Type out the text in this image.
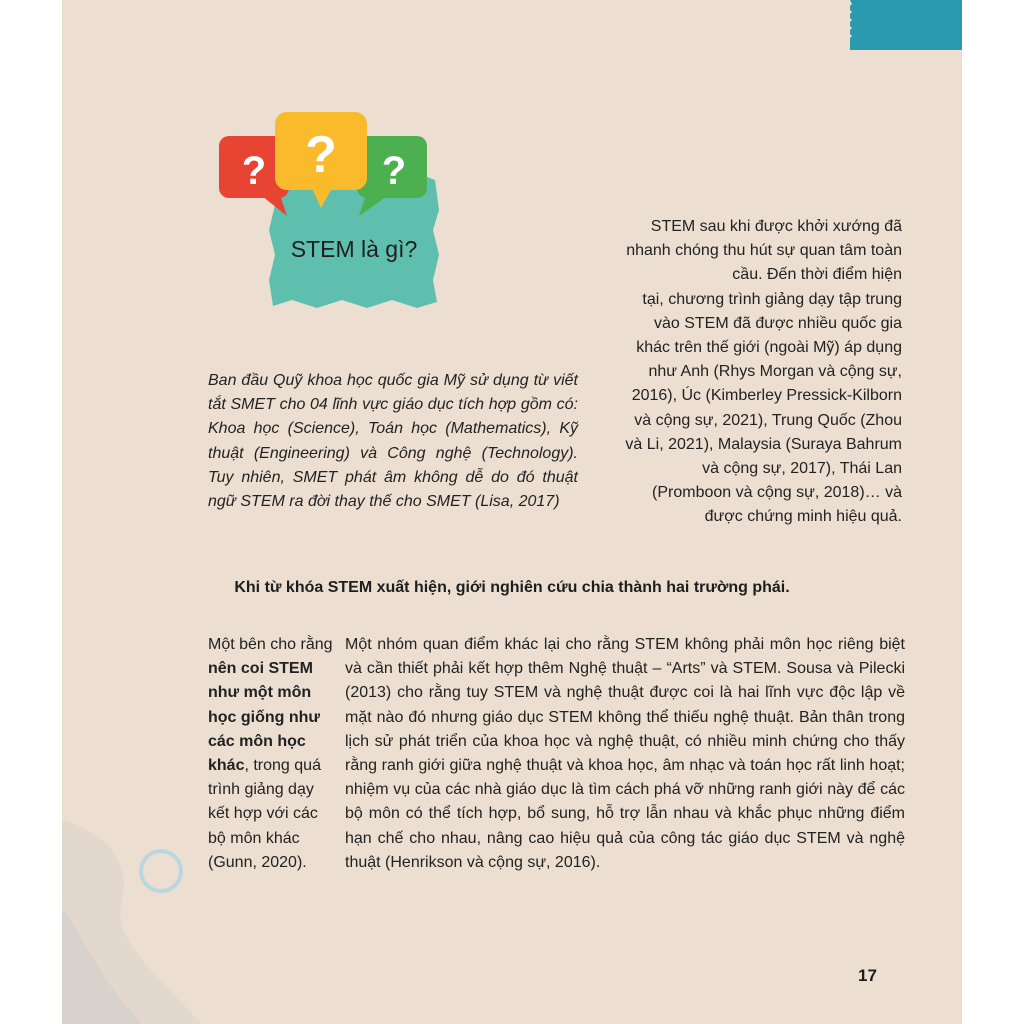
?	?
?
STEM là gì?

Ban đầu Quỹ khoa học quốc gia Mỹ sử dụng từ viết tắt SMET cho 04 lĩnh vực giáo dục tích hợp gồm có: Khoa học (Science), Toán học (Mathematics), Kỹ thuật (Engineering) và Công nghệ (Technology). Tuy nhiên, SMET phát âm không dễ do đó thuật ngữ STEM ra đời thay thế cho SMET (Lisa, 2017)

STEM sau khi được khởi xướng đã
nhanh chóng thu hút sự quan tâm toàn
cầu. Đến thời điểm hiện
tại, chương trình giảng dạy tập trung
vào STEM đã được nhiều quốc gia
khác trên thế giới (ngoài Mỹ) áp dụng
như Anh (Rhys Morgan và cộng sự,
2016), Úc (Kimberley Pressick-Kilborn
và cộng sự, 2021), Trung Quốc (Zhou
và Li, 2021), Malaysia (Suraya Bahrum
và cộng sự, 2017), Thái Lan
(Promboon và cộng sự, 2018)… và
được chứng minh hiệu quả.
Khi từ khóa STEM xuất hiện, giới nghiên cứu chia thành hai trường phái.

Một bên cho rằng nên coi STEM như một môn học giống như các môn học khác, trong quá trình giảng dạy kết hợp với các bộ môn khác (Gunn, 2020).

Một nhóm quan điểm khác lại cho rằng STEM không phải môn học riêng biệt và cần thiết phải kết hợp thêm Nghệ thuật – “Arts” và STEM. Sousa và Pilecki (2013) cho rằng tuy STEM và nghệ thuật được coi là hai lĩnh vực độc lập về mặt nào đó nhưng giáo dục STEM không thể thiếu nghệ thuật. Bản thân trong lịch sử phát triển của khoa học và nghệ thuật, có nhiều minh chứng cho thấy rằng ranh giới giữa nghệ thuật và khoa học, âm nhạc và toán học rất linh hoạt; nhiệm vụ của các nhà giáo dục là tìm cách phá vỡ những ranh giới này để các bộ môn có thể tích hợp, bổ sung, hỗ trợ lẫn nhau và khắc phục những điểm hạn chế cho nhau, nâng cao hiệu quả của công tác giáo dục STEM và nghệ thuật (Henrikson và cộng sự, 2016).

17
